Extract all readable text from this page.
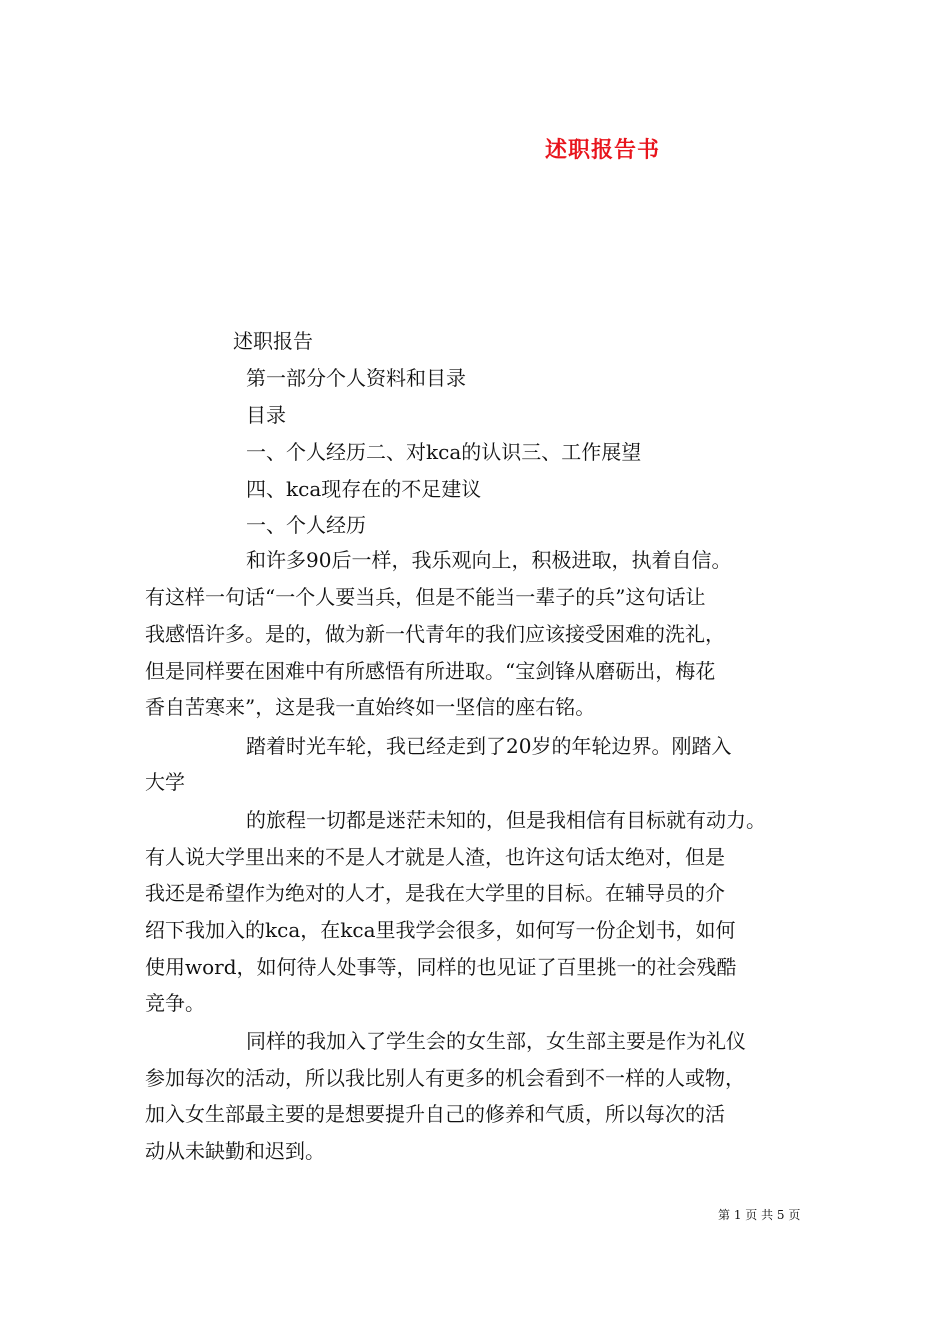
述职报告书
述职报告
第一部分个人资料和目录
目录
一、个人经历二、对kca的认识三、工作展望
四、kca现存在的不足建议
一、个人经历
和许多90后一样，我乐观向上，积极进取，执着自信。
有这样一句话“一个人要当兵，但是不能当一辈子的兵”这句话让
我感悟许多。是的，做为新一代青年的我们应该接受困难的洗礼，
但是同样要在困难中有所感悟有所进取。“宝剑锋从磨砺出，梅花
香自苦寒来”，这是我一直始终如一坚信的座右铭。
踏着时光车轮，我已经走到了20岁的年轮边界。刚踏入
大学
的旅程一切都是迷茫未知的，但是我相信有目标就有动力。
有人说大学里出来的不是人才就是人渣，也许这句话太绝对，但是
我还是希望作为绝对的人才，是我在大学里的目标。在辅导员的介
绍下我加入的kca，在kca里我学会很多，如何写一份企划书，如何
使用word，如何待人处事等，同样的也见证了百里挑一的社会残酷
竞争。
同样的我加入了学生会的女生部，女生部主要是作为礼仪
参加每次的活动，所以我比别人有更多的机会看到不一样的人或物，
加入女生部最主要的是想要提升自己的修养和气质，所以每次的活
动从未缺勤和迟到。
第 1 页 共 5 页
